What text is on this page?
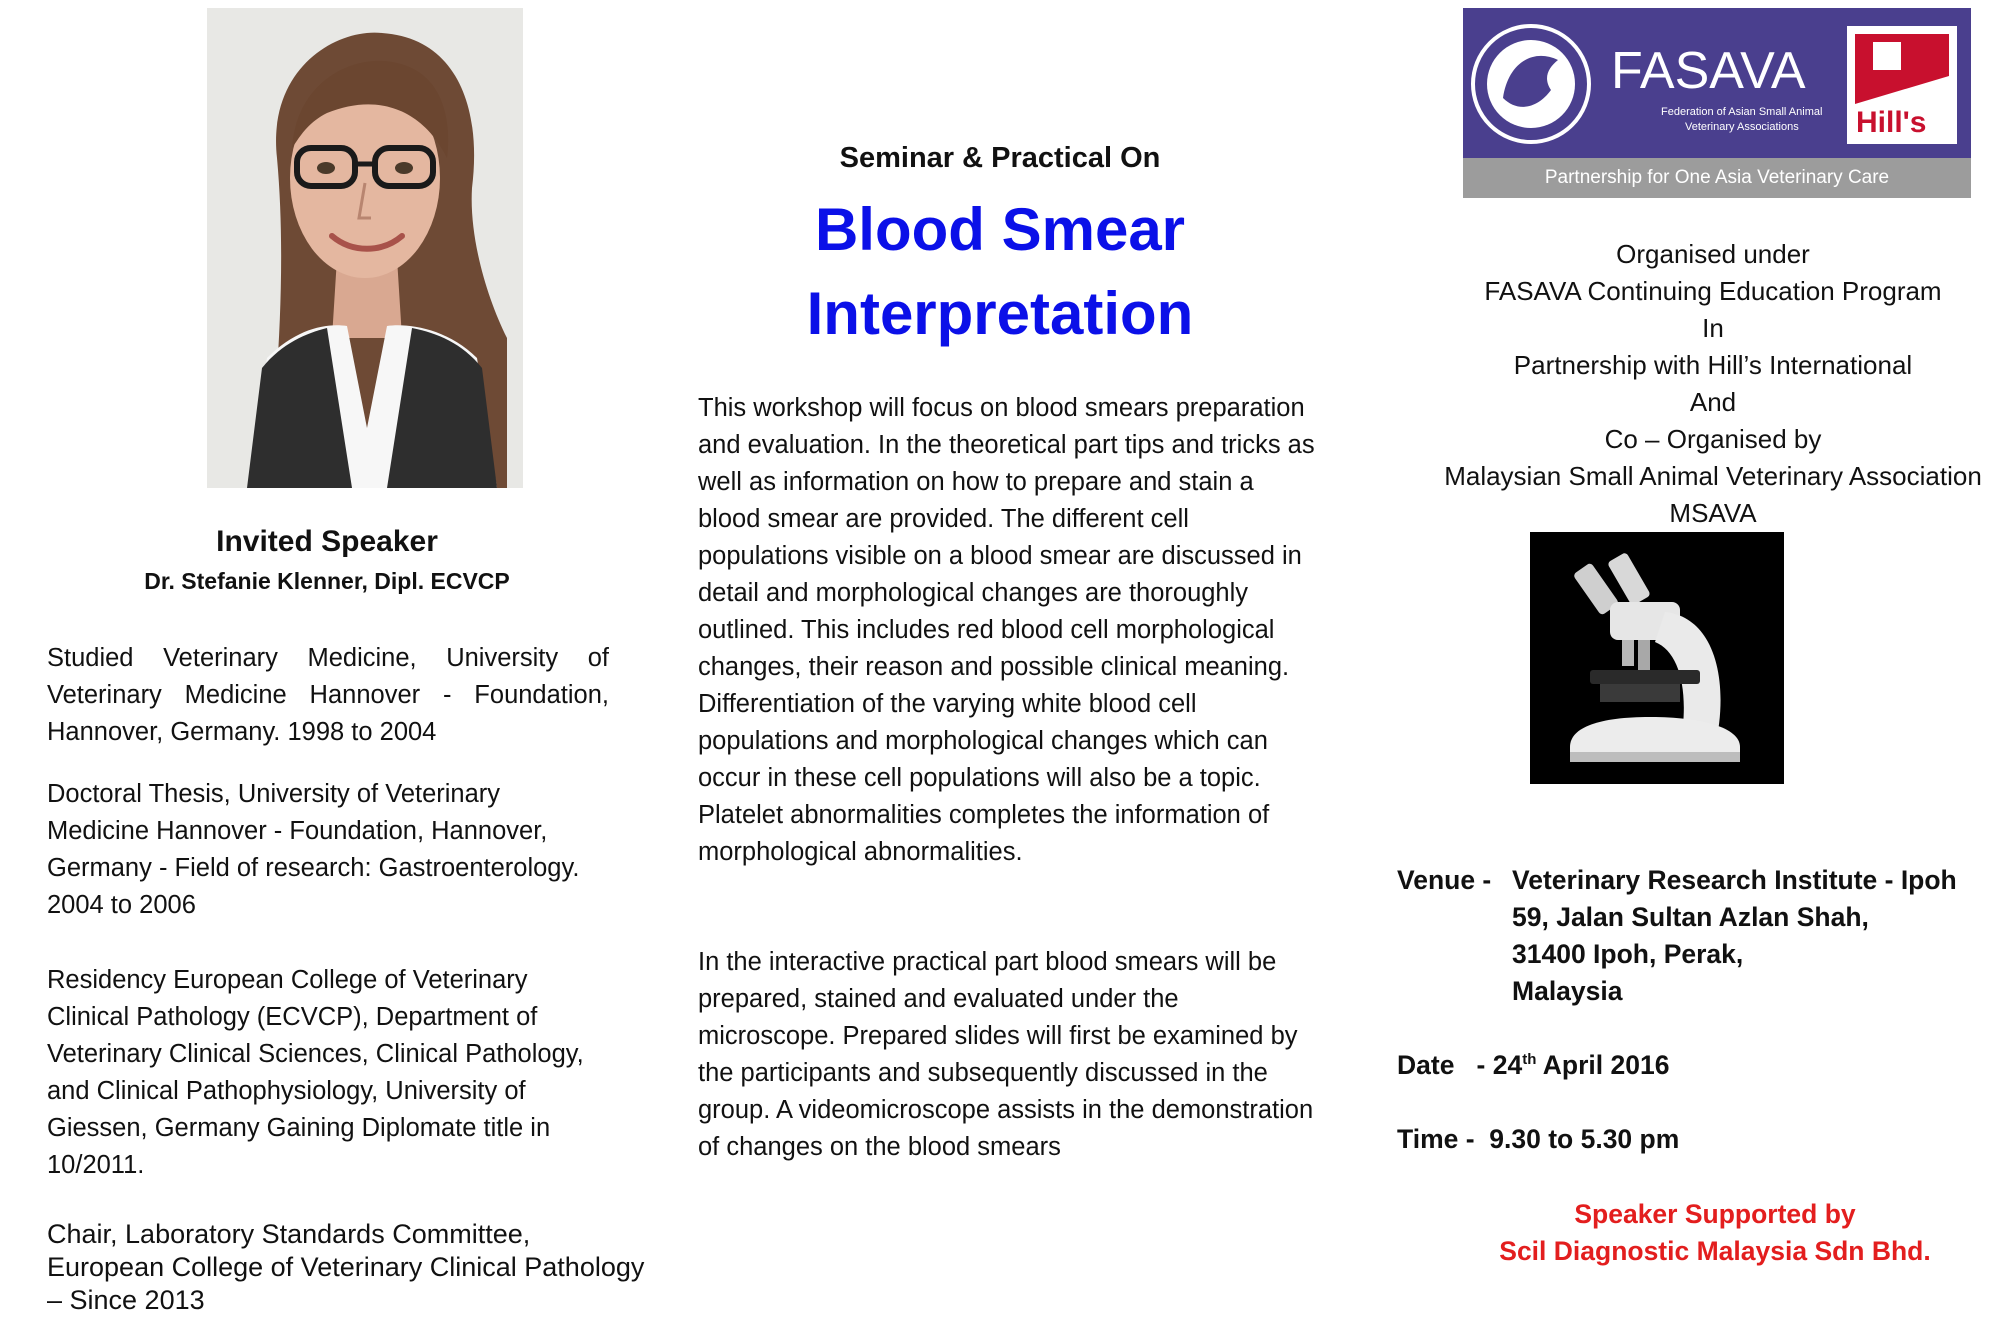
Invited Speaker
Dr. Stefanie Klenner, Dipl. ECVCP
Studied Veterinary Medicine, University of Veterinary Medicine Hannover - Foundation, Hannover, Germany. 1998 to 2004
Doctoral Thesis, University of Veterinary Medicine Hannover - Foundation, Hannover, Germany - Field of research: Gastroenterology. 2004 to 2006
Residency European College of Veterinary Clinical Pathology (ECVCP), Department of Veterinary Clinical Sciences, Clinical Pathology, and Clinical Pathophysiology, University of Giessen, Germany Gaining Diplomate title in 10/2011.
Chair, Laboratory Standards Committee, European College of Veterinary Clinical Pathology – Since 2013
Seminar & Practical On
Blood Smear
Interpretation
This workshop will focus on blood smears preparation and evaluation. In the theoretical part tips and tricks as well as information on how to prepare and stain a blood smear are provided. The different cell populations visible on a blood smear are discussed in detail and morphological changes are thoroughly outlined. This includes red blood cell morphological changes, their reason and possible clinical meaning. Differentiation of the varying white blood cell populations and morphological changes which can occur in these cell populations will also be a topic. Platelet abnormalities completes the information of morphological abnormalities.
In the interactive practical part blood smears will be prepared, stained and evaluated under the microscope. Prepared slides will first be examined by the participants and subsequently discussed in the group. A videomicroscope assists in the demonstration of changes on the blood smears
FASAVA
Federation of Asian Small Animal
Veterinary Associations Hill's
Partnership for One Asia Veterinary Care
Organised under
FASAVA Continuing Education Program
In
Partnership with Hill’s International
And
Co – Organised by
Malaysian Small Animal Veterinary Association
MSAVA
Venue - Veterinary Research Institute - Ipoh
59, Jalan Sultan Azlan Shah,
31400 Ipoh, Perak,
Malaysia
Date - 24th April 2016
Time -  9.30 to 5.30 pm
Speaker Supported by
Scil Diagnostic Malaysia Sdn Bhd.
